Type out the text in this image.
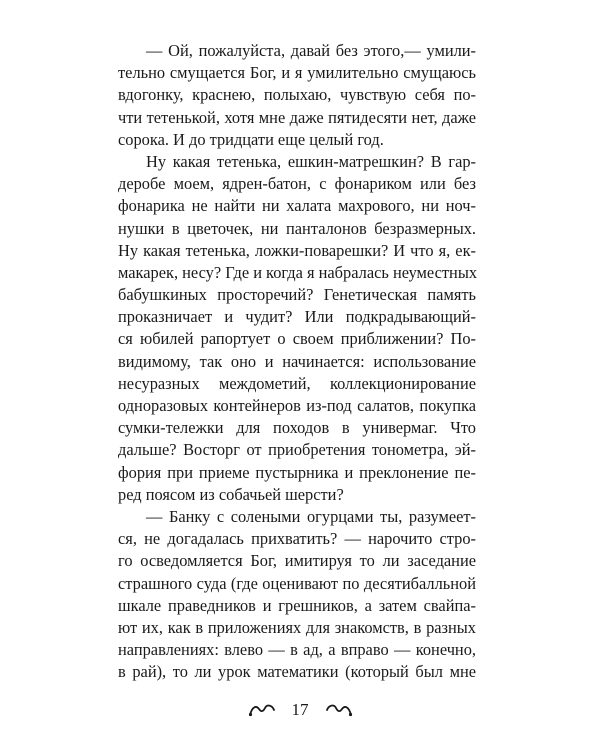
— Ой, пожалуйста, давай без этого,— умили-
тельно смущается Бог, и я умилительно смущаюсь
вдогонку, краснею, полыхаю, чувствую себя по-
чти тетенькой, хотя мне даже пятидесяти нет, даже
сорока. И до тридцати еще целый год.
Ну какая тетенька, ешкин-матрешкин? В гар-
деробе моем, ядрен-батон, с фонариком или без
фонарика не найти ни халата махрового, ни ноч-
нушки в цветочек, ни панталонов безразмерных.
Ну какая тетенька, ложки-поварешки? И что я, ек-
макарек, несу? Где и когда я набралась неуместных
бабушкиных просторечий? Генетическая память
проказничает и чудит? Или подкрадывающий-
ся юбилей рапортует о своем приближении? По-
видимому, так оно и начинается: использование
несуразных междометий, коллекционирование
одноразовых контейнеров из-под салатов, покупка
сумки-тележки для походов в универмаг. Что
дальше? Восторг от приобретения тонометра, эй-
фория при приеме пустырника и преклонение пе-
ред поясом из собачьей шерсти?
— Банку с солеными огурцами ты, разумеет-
ся, не догадалась прихватить? — нарочито стро-
го осведомляется Бог, имитируя то ли заседание
страшного суда (где оценивают по десятибалльной
шкале праведников и грешников, а затем свайпа-
ют их, как в приложениях для знакомств, в разных
направлениях: влево — в ад, а вправо — конечно,
в рай), то ли урок математики (который был мне
17
